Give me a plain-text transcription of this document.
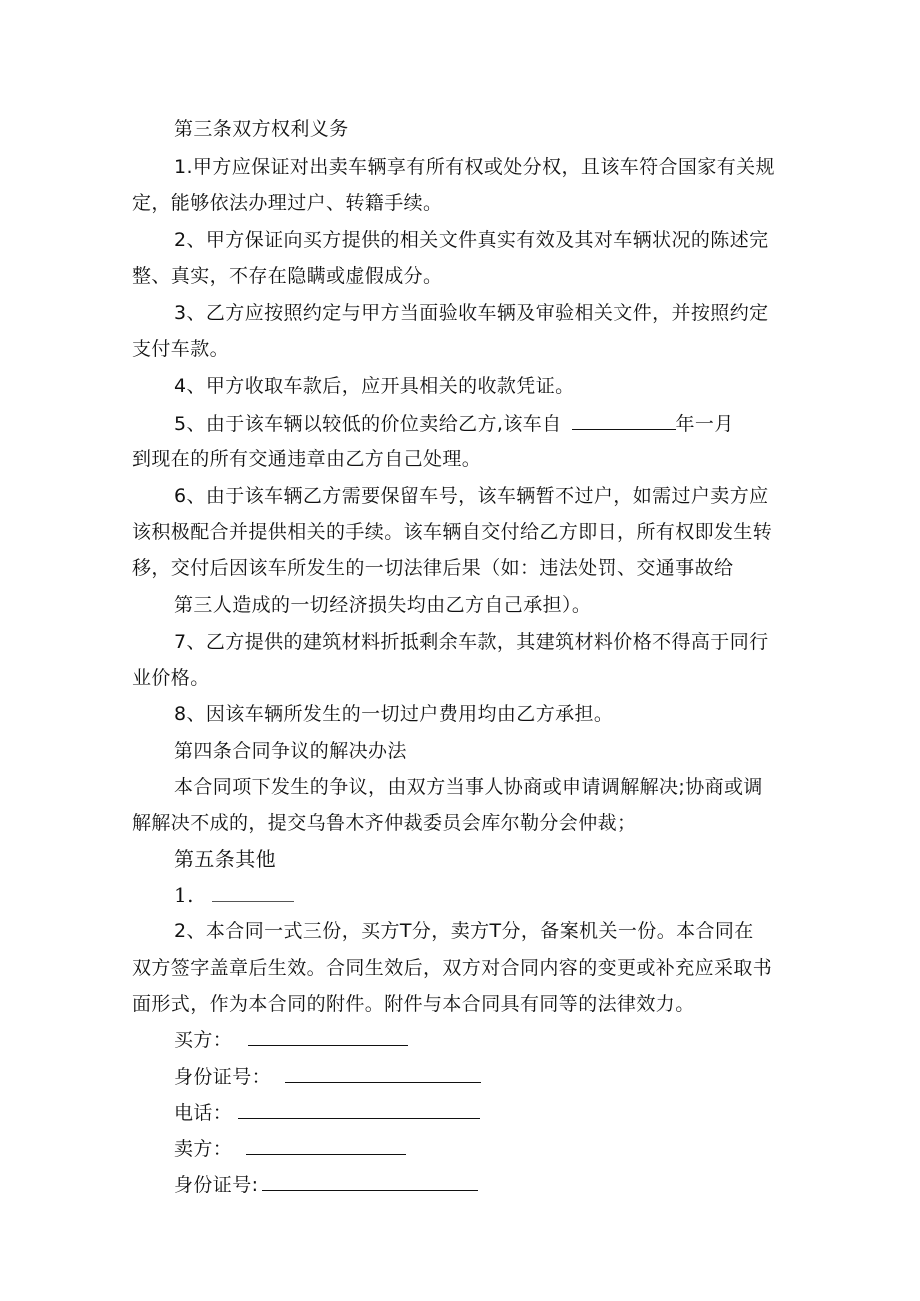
第三条双方权利义务
1.甲方应保证对出卖车辆享有所有权或处分权，且该车符合国家有关规
定，能够依法办理过户、转籍手续。
2、甲方保证向买方提供的相关文件真实有效及其对车辆状况的陈述完
整、真实，不存在隐瞒或虚假成分。
3、乙方应按照约定与甲方当面验收车辆及审验相关文件，并按照约定
支付车款。
4、甲方收取车款后，应开具相关的收款凭证。
5、由于该车辆以较低的价位卖给乙方,该车自	年一月
到现在的所有交通违章由乙方自己处理。
6、由于该车辆乙方需要保留车号，该车辆暂不过户，如需过户卖方应
该积极配合并提供相关的手续。该车辆自交付给乙方即日，所有权即发生转
移，交付后因该车所发生的一切法律后果（如：违法处罚、交通事故给
第三人造成的一切经济损失均由乙方自己承担）。
7、乙方提供的建筑材料折抵剩余车款，其建筑材料价格不得高于同行
业价格。
8、因该车辆所发生的一切过户费用均由乙方承担。
第四条合同争议的解决办法
本合同项下发生的争议，由双方当事人协商或申请调解解决;协商或调
解解决不成的，提交乌鲁木齐仲裁委员会库尔勒分会仲裁；
第五条其他
1.
2、本合同一式三份，买方T分，卖方T分，备案机关一份。本合同在
双方签字盖章后生效。合同生效后，双方对合同内容的变更或补充应采取书
面形式，作为本合同的附件。附件与本合同具有同等的法律效力。
买方：
身份证号：
电话：
卖方：
身份证号:
